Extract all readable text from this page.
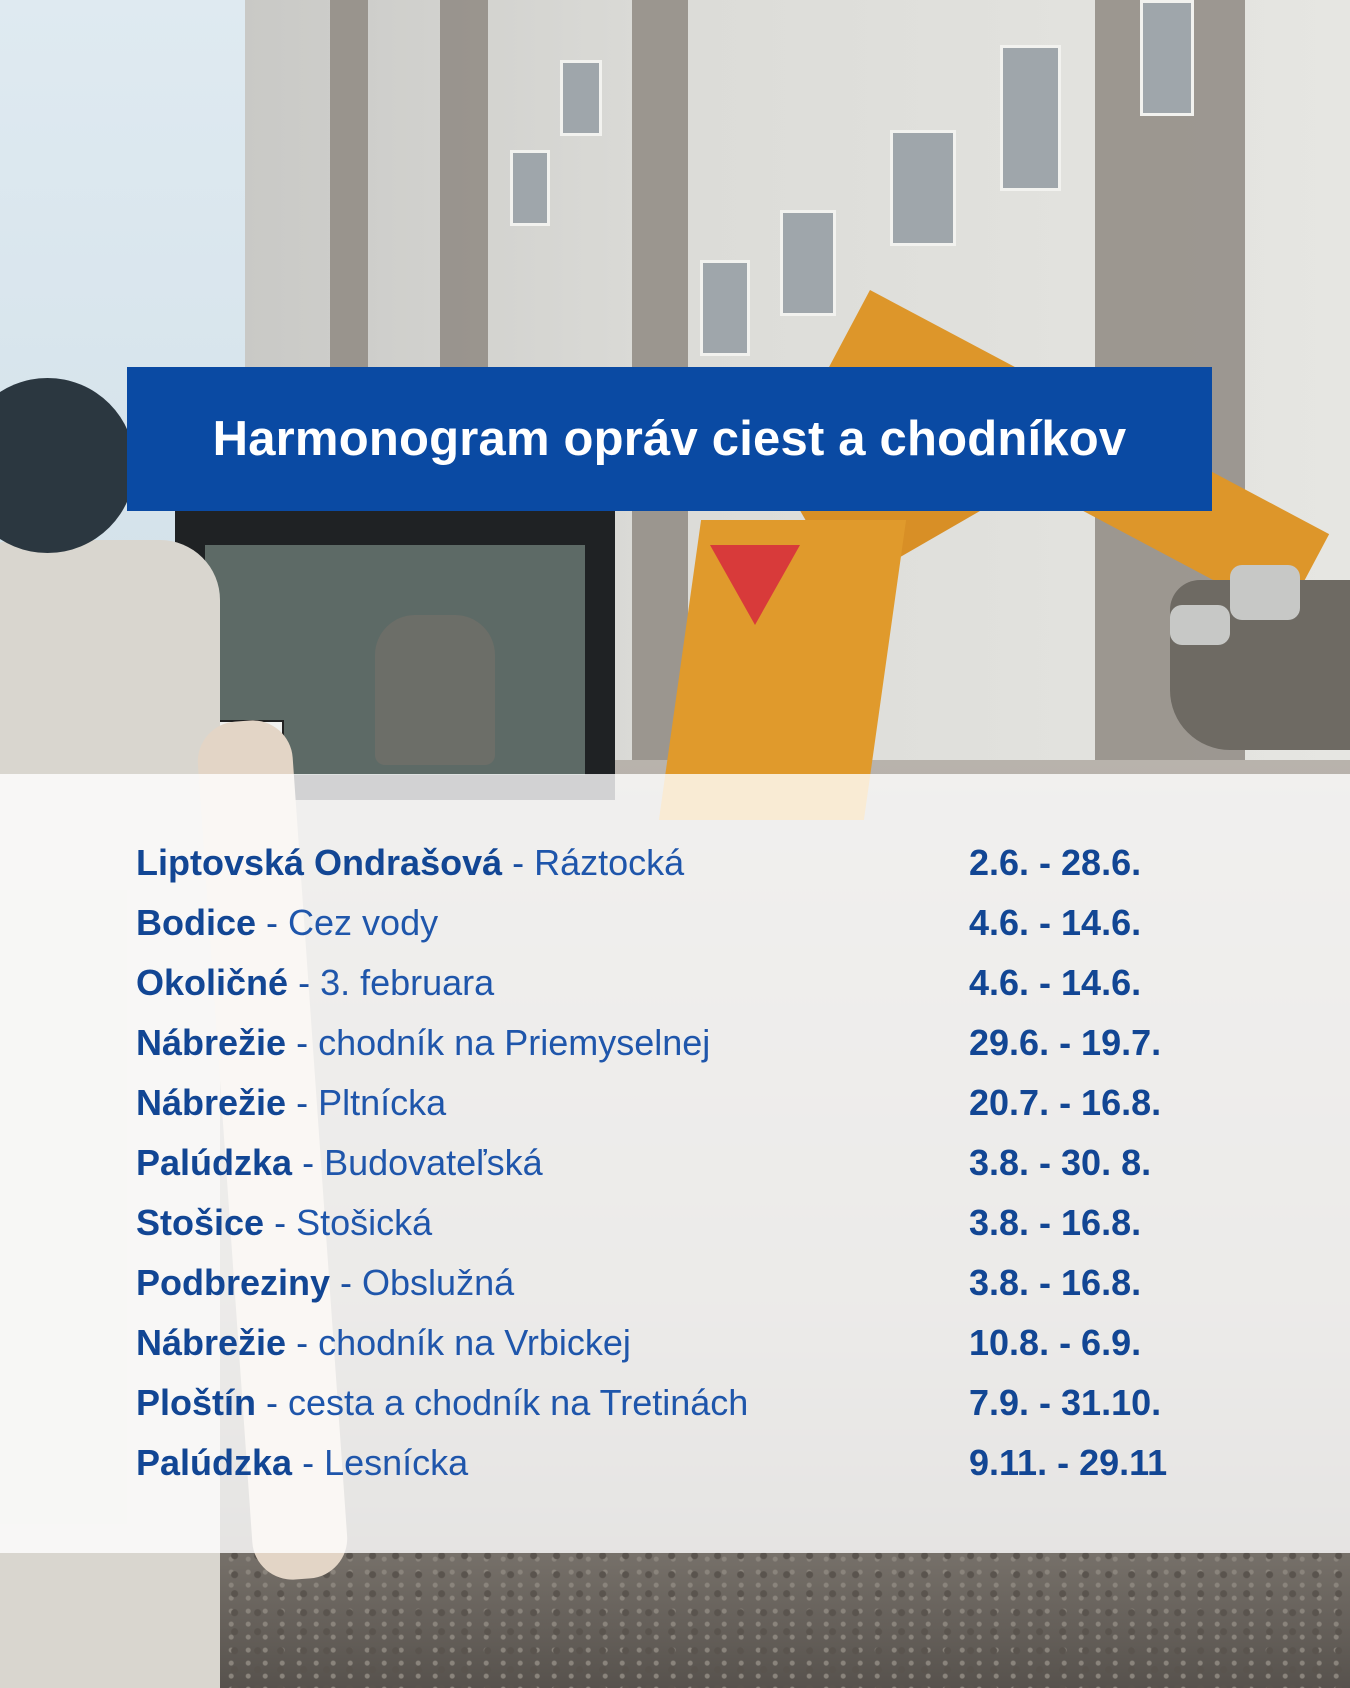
Harmonogram opráv ciest a chodníkov
Liptovská Ondrašová - Ráztocká	2.6. - 28.6.
Bodice - Cez vody	4.6. - 14.6.
Okoličné - 3. februara	4.6. - 14.6.
Nábrežie - chodník na Priemyselnej	29.6. - 19.7.
Nábrežie - Pltnícka	20.7. - 16.8.
Palúdzka - Budovateľská	3.8. - 30. 8.
Stošice - Stošická	3.8. - 16.8.
Podbreziny - Obslužná	3.8. - 16.8.
Nábrežie - chodník na Vrbickej	10.8. - 6.9.
Ploštín - cesta a chodník na Tretinách	7.9. - 31.10.
Palúdzka - Lesnícka	9.11. - 29.11
